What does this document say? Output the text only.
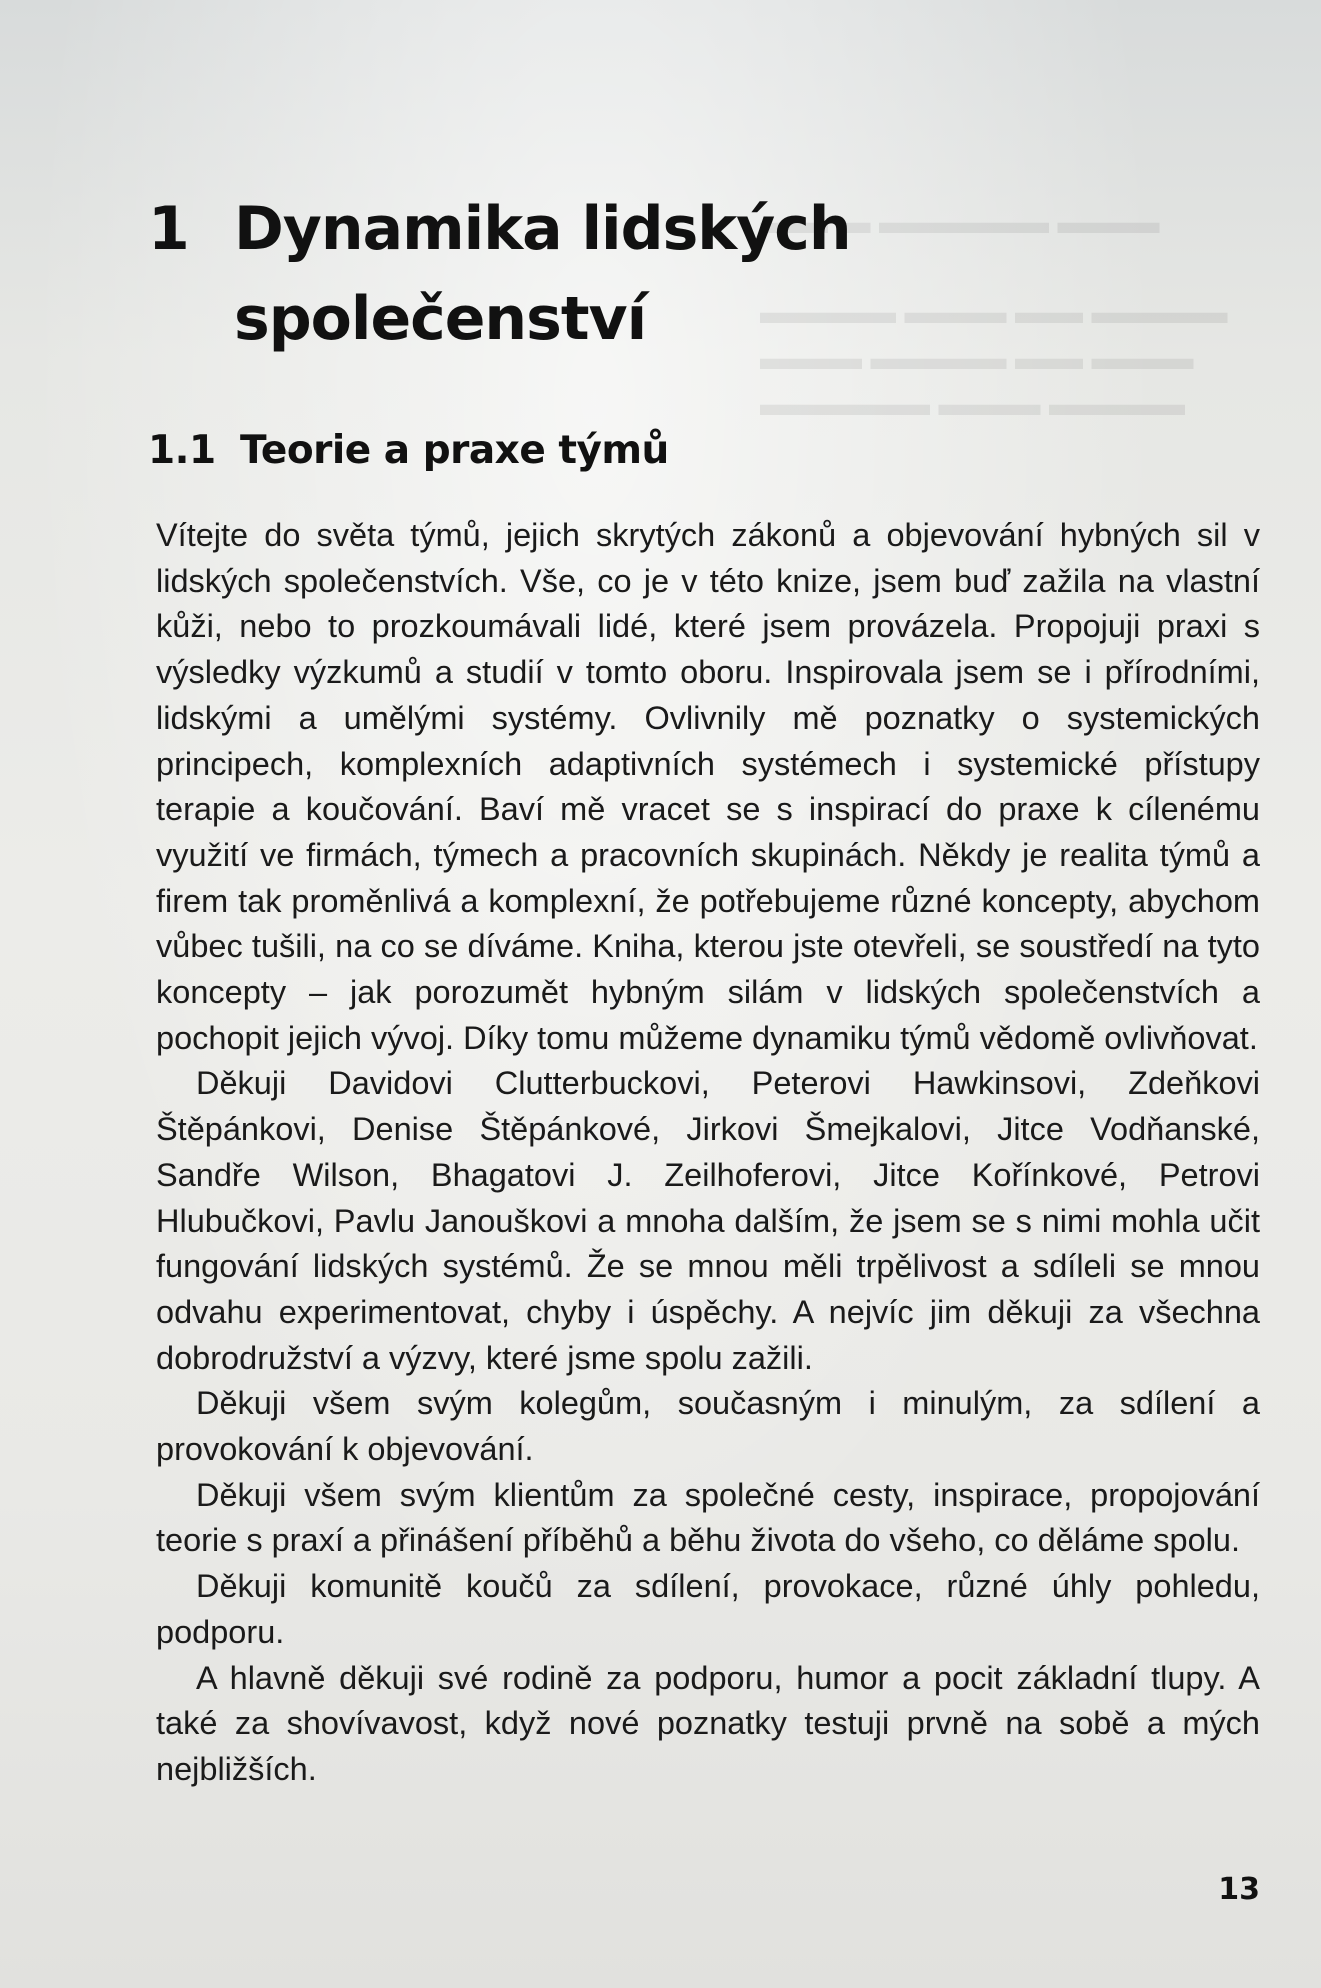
▬▬ ▬ ▬▬▬▬▬ ▬▬▬
▬▬▬▬ ▬▬▬ ▬▬ ▬▬▬▬
▬▬▬ ▬▬▬▬ ▬▬ ▬▬▬
▬▬▬▬▬ ▬▬▬ ▬▬▬▬
1 Dynamika lidských
společenství
1.1 Teorie a praxe týmů

Vítejte do světa týmů, jejich skrytých zákonů a objevování hybných sil v lidských společenstvích. Vše, co je v této knize, jsem buď zažila na vlastní kůži, nebo to prozkoumávali lidé, které jsem provázela. Propojuji praxi s výsledky výzkumů a studií v tomto oboru. Inspirovala jsem se i přírodními, lidskými a umělými systémy. Ovlivnily mě poznatky o systemických principech, komplexních adaptivních systémech i systemické přístupy terapie a koučování. Baví mě vracet se s inspirací do praxe k cílenému využití ve firmách, týmech a pracovních skupinách. Někdy je realita týmů a firem tak proměnlivá a komplexní, že potřebujeme různé koncepty, abychom vůbec tušili, na co se díváme. Kniha, kterou jste otevřeli, se soustředí na tyto koncepty – jak porozumět hybným silám v lidských společenstvích a pochopit jejich vývoj. Díky tomu můžeme dynamiku týmů vědomě ovlivňovat.

Děkuji Davidovi Clutterbuckovi, Peterovi Hawkinsovi, Zdeňkovi Štěpánkovi, Denise Štěpánkové, Jirkovi Šmejkalovi, Jitce Vodňanské, Sandře Wilson, Bhagatovi J. Zeilhoferovi, Jitce Kořínkové, Petrovi Hlubučkovi, Pavlu Janouškovi a mnoha dalším, že jsem se s nimi mohla učit fungování lidských systémů. Že se mnou měli trpělivost a sdíleli se mnou odvahu experimentovat, chyby i úspěchy. A nejvíc jim děkuji za všechna dobrodružství a výzvy, které jsme spolu zažili.

Děkuji všem svým kolegům, současným i minulým, za sdílení a provokování k objevování.

Děkuji všem svým klientům za společné cesty, inspirace, propojování teorie s praxí a přinášení příběhů a běhu života do všeho, co děláme spolu.

Děkuji komunitě koučů za sdílení, provokace, různé úhly pohledu, podporu.

A hlavně děkuji své rodině za podporu, humor a pocit základní tlupy. A také za shovívavost, když nové poznatky testuji prvně na sobě a mých nejbližších.

13
